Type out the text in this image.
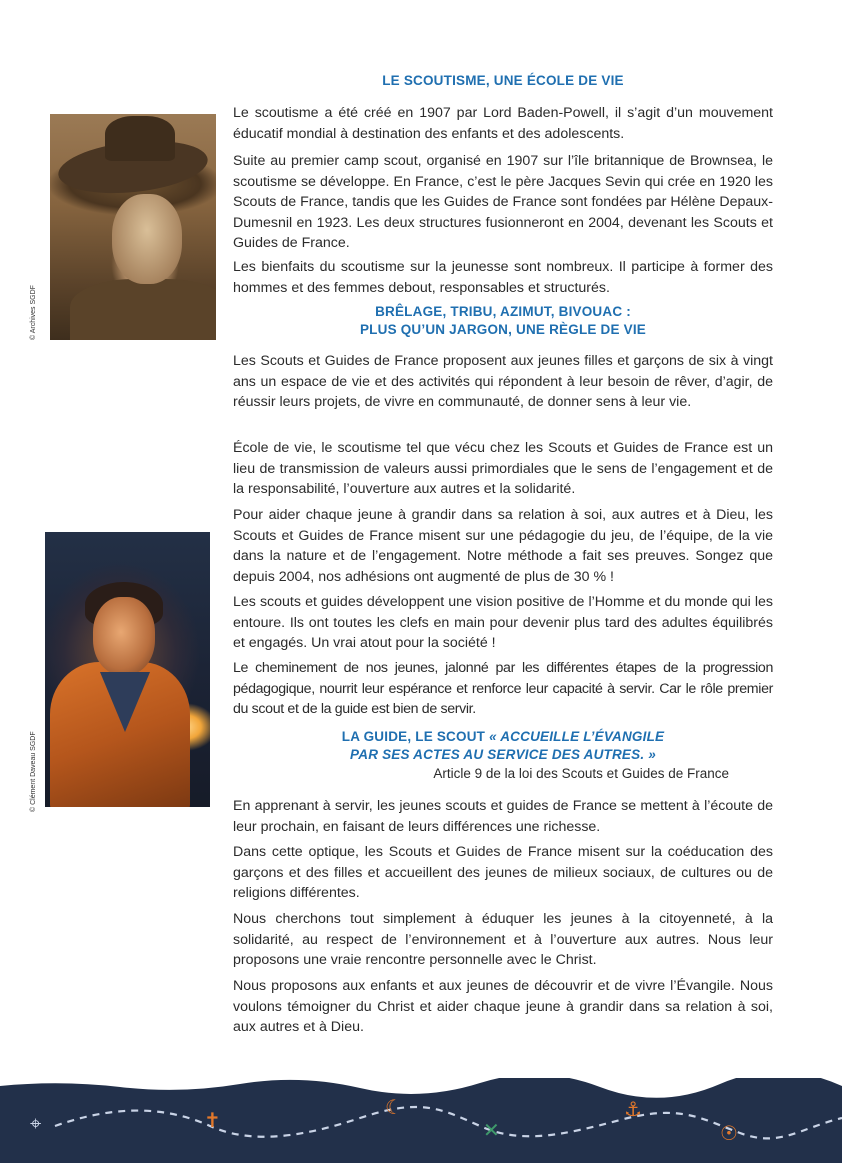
© Archives SGDF
© Clément Daveau SGDF

LE SCOUTISME, UNE ÉCOLE DE VIE

Le scoutisme a été créé en 1907 par Lord Baden-Powell, il s’agit d’un mouvement éducatif mondial à destination des enfants et des adolescents.

Suite au premier camp scout, organisé en 1907 sur l’île britannique de Brownsea, le scoutisme se développe. En France, c’est le père Jacques Sevin qui crée en 1920 les Scouts de France, tandis que les Guides de France sont fondées par Hélène Depaux-Dumesnil en 1923. Les deux structures fusionneront en 2004, devenant les Scouts et Guides de France.

Les bienfaits du scoutisme sur la jeunesse sont nombreux. Il participe à former des hommes et des femmes debout, responsables et structurés.

BRÊLAGE, TRIBU, AZIMUT, BIVOUAC :

PLUS QU’UN JARGON, UNE RÈGLE DE VIE

Les Scouts et Guides de France proposent aux jeunes filles et garçons de six à vingt ans un espace de vie et des activités qui répondent à leur besoin de rêver, d’agir, de réussir leurs projets, de vivre en communauté, de donner sens à leur vie.

École de vie, le scoutisme tel que vécu chez les Scouts et Guides de France est un lieu de transmission de valeurs aussi primordiales que le sens de l’engagement et de la responsabilité, l’ouverture aux autres et la solidarité.

Pour aider chaque jeune à grandir dans sa relation à soi, aux autres et à Dieu, les Scouts et Guides de France misent sur une pédagogie du jeu, de l’équipe, de la vie dans la nature et de l’engagement. Notre méthode a fait ses preuves. Songez que depuis 2004, nos adhésions ont augmenté de plus de 30 % !

Les scouts et guides développent une vision positive de l’Homme et du monde qui les entoure. Ils ont toutes les clefs en main pour devenir plus tard des adultes équilibrés et engagés. Un vrai atout pour la société !

Le cheminement de nos jeunes, jalonné par les différentes étapes de la progression pédagogique, nourrit leur espérance et renforce leur capacité à servir. Car le rôle premier du scout et de la guide est bien de servir.

LA GUIDE, LE SCOUT « ACCUEILLE L’ÉVANGILE

PAR SES ACTES AU SERVICE DES AUTRES. »

Article 9 de la loi des Scouts et Guides de France

En apprenant à servir, les jeunes scouts et guides de France se mettent à l’écoute de leur prochain, en faisant de leurs différences une richesse.

Dans cette optique, les Scouts et Guides de France misent sur la coéducation des garçons et des filles et accueillent des jeunes de milieux sociaux, de cultures ou de religions différentes.

Nous cherchons tout simplement à éduquer les jeunes à la citoyenneté, à la solidarité, au respect de l’environnement et à l’ouverture aux autres. Nous leur proposons une vraie rencontre personnelle avec le Christ.

Nous proposons aux enfants et aux jeunes de découvrir et de vivre l’Évangile. Nous voulons témoigner du Christ et aider chaque jeune à grandir dans sa relation à soi, aux autres et à Dieu.

⌖	✝
☾
✕
⚓
☉
